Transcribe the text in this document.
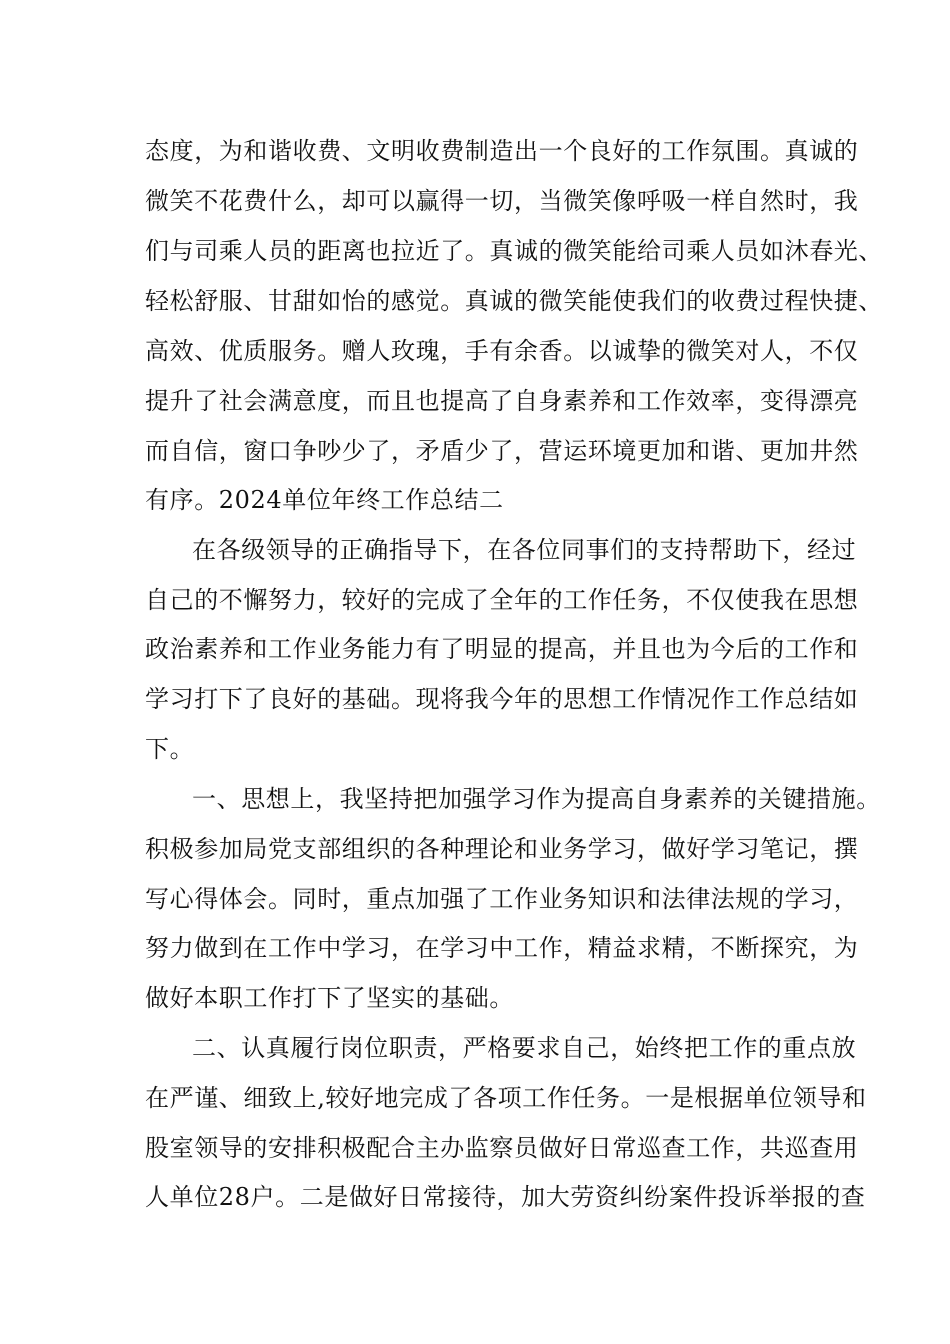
态度，为和谐收费、文明收费制造出一个良好的工作氛围。真诚的

微笑不花费什么，却可以赢得一切，当微笑像呼吸一样自然时，我

们与司乘人员的距离也拉近了。真诚的微笑能给司乘人员如沐春光、

轻松舒服、甘甜如怡的感觉。真诚的微笑能使我们的收费过程快捷、

高效、优质服务。赠人玫瑰，手有余香。以诚挚的微笑对人，不仅

提升了社会满意度，而且也提高了自身素养和工作效率，变得漂亮

而自信，窗口争吵少了，矛盾少了，营运环境更加和谐、更加井然

有序。2024单位年终工作总结二

在各级领导的正确指导下，在各位同事们的支持帮助下，经过

自己的不懈努力，较好的完成了全年的工作任务，不仅使我在思想

政治素养和工作业务能力有了明显的提高，并且也为今后的工作和

学习打下了良好的基础。现将我今年的思想工作情况作工作总结如

下。

一、思想上，我坚持把加强学习作为提高自身素养的关键措施。

积极参加局党支部组织的各种理论和业务学习，做好学习笔记，撰

写心得体会。同时，重点加强了工作业务知识和法律法规的学习，

努力做到在工作中学习，在学习中工作，精益求精，不断探究，为

做好本职工作打下了坚实的基础。

二、认真履行岗位职责，严格要求自己，始终把工作的重点放

在严谨、细致上,较好地完成了各项工作任务。一是根据单位领导和

股室领导的安排积极配合主办监察员做好日常巡查工作，共巡查用

人单位28户。二是做好日常接待，加大劳资纠纷案件投诉举报的查
